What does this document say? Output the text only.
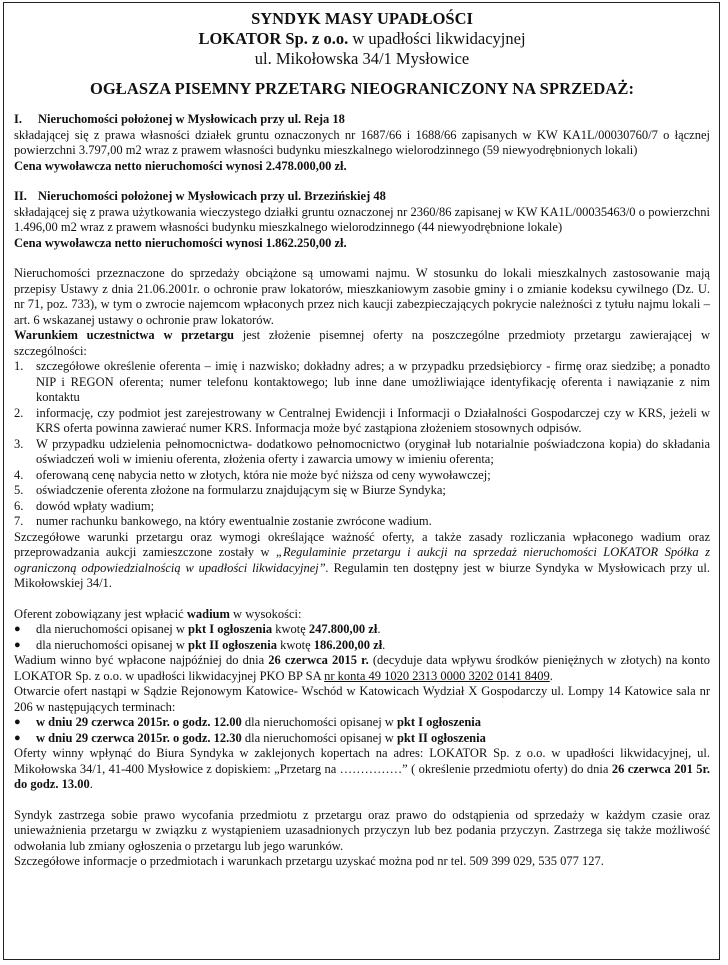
SYNDYK MASY UPADŁOŚCI
LOKATOR Sp. z o.o. w upadłości likwidacyjnej
ul. Mikołowska 34/1 Mysłowice
OGŁASZA PISEMNY PRZETARG NIEOGRANICZONY NA SPRZEDAŻ:

I. Nieruchomości położonej w Mysłowicach przy ul. Reja 18

składającej się z prawa własności działek gruntu oznaczonych nr 1687/66 i 1688/66 zapisanych w KW KA1L/00030760/7 o łącznej powierzchni 3.797,00 m2 wraz z prawem własności budynku mieszkalnego wielorodzinnego (59 niewyodrębnionych lokali)

Cena wywoławcza netto nieruchomości wynosi 2.478.000,00 zł.

II. Nieruchomości położonej w Mysłowicach przy ul. Brzezińskiej 48

składającej się z prawa użytkowania wieczystego działki gruntu oznaczonej nr 2360/86 zapisanej w KW KA1L/00035463/0 o powierzchni 1.496,00 m2 wraz z prawem własności budynku mieszkalnego wielorodzinnego (44 niewyodrębnione lokale)

Cena wywoławcza netto nieruchomości wynosi 1.862.250,00 zł.

Nieruchomości przeznaczone do sprzedaży obciążone są umowami najmu. W stosunku do lokali mieszkalnych zastosowanie mają przepisy Ustawy z dnia 21.06.2001r. o ochronie praw lokatorów, mieszkaniowym zasobie gminy i o zmianie kodeksu cywilnego (Dz. U. nr 71, poz. 733), w tym o zwrocie najemcom wpłaconych przez nich kaucji zabezpieczających pokrycie należności z tytułu najmu lokali – art. 6 wskazanej ustawy o ochronie praw lokatorów.

Warunkiem uczestnictwa w przetargu jest złożenie pisemnej oferty na poszczególne przedmioty przetargu zawierającej w szczególności:

1. szczegółowe określenie oferenta – imię i nazwisko; dokładny adres; a w przypadku przedsiębiorcy - firmę oraz siedzibę; a ponadto NIP i REGON oferenta; numer telefonu kontaktowego; lub inne dane umożliwiające identyfikację oferenta i nawiązanie z nim kontaktu
2. informację, czy podmiot jest zarejestrowany w Centralnej Ewidencji i Informacji o Działalności Gospodarczej czy w KRS, jeżeli w KRS oferta powinna zawierać numer KRS. Informacja może być zastąpiona złożeniem stosownych odpisów.
3. W przypadku udzielenia pełnomocnictwa- dodatkowo pełnomocnictwo (oryginał lub notarialnie poświadczona kopia) do składania oświadczeń woli w imieniu oferenta, złożenia oferty i zawarcia umowy w imieniu oferenta;
4. oferowaną cenę nabycia netto w złotych, która nie może być niższa od ceny wywoławczej;
5. oświadczenie oferenta złożone na formularzu znajdującym się w Biurze Syndyka;
6. dowód wpłaty wadium;
7. numer rachunku bankowego, na który ewentualnie zostanie zwrócone wadium.

Szczegółowe warunki przetargu oraz wymogi określające ważność oferty, a także zasady rozliczania wpłaconego wadium oraz przeprowadzania aukcji zamieszczone zostały w „Regulaminie przetargu i aukcji na sprzedaż nieruchomości LOKATOR Spółka z ograniczoną odpowiedzialnością w upadłości likwidacyjnej”. Regulamin ten dostępny jest w biurze Syndyka w Mysłowicach przy ul. Mikołowskiej 34/1.

Oferent zobowiązany jest wpłacić wadium w wysokości:

● dla nieruchomości opisanej w pkt I ogłoszenia kwotę 247.800,00 zł.
● dla nieruchomości opisanej w pkt II ogłoszenia kwotę 186.200,00 zł.

Wadium winno być wpłacone najpóźniej do dnia 26 czerwca 2015 r. (decyduje data wpływu środków pieniężnych w złotych) na konto LOKATOR Sp. z o.o. w upadłości likwidacyjnej PKO BP SA nr konta 49 1020 2313 0000 3202 0141 8409.

Otwarcie ofert nastąpi w Sądzie Rejonowym Katowice- Wschód w Katowicach Wydział X Gospodarczy ul. Lompy 14 Katowice sala nr 206 w następujących terminach:

● w dniu 29 czerwca 2015r. o godz. 12.00 dla nieruchomości opisanej w pkt I ogłoszenia
● w dniu 29 czerwca 2015r. o godz. 12.30 dla nieruchomości opisanej w pkt II ogłoszenia

Oferty winny wpłynąć do Biura Syndyka w zaklejonych kopertach na adres: LOKATOR Sp. z o.o. w upadłości likwidacyjnej, ul. Mikołowska 34/1, 41-400 Mysłowice z dopiskiem: „Przetarg na ……………” ( określenie przedmiotu oferty) do dnia 26 czerwca 201 5r. do godz. 13.00.

Syndyk zastrzega sobie prawo wycofania przedmiotu z przetargu oraz prawo do odstąpienia od sprzedaży w każdym czasie oraz unieważnienia przetargu w związku z wystąpieniem uzasadnionych przyczyn lub bez podania przyczyn. Zastrzega się także możliwość odwołania lub zmiany ogłoszenia o przetargu lub jego warunków.

Szczegółowe informacje o przedmiotach i warunkach przetargu uzyskać można pod nr tel. 509 399 029, 535 077 127.
